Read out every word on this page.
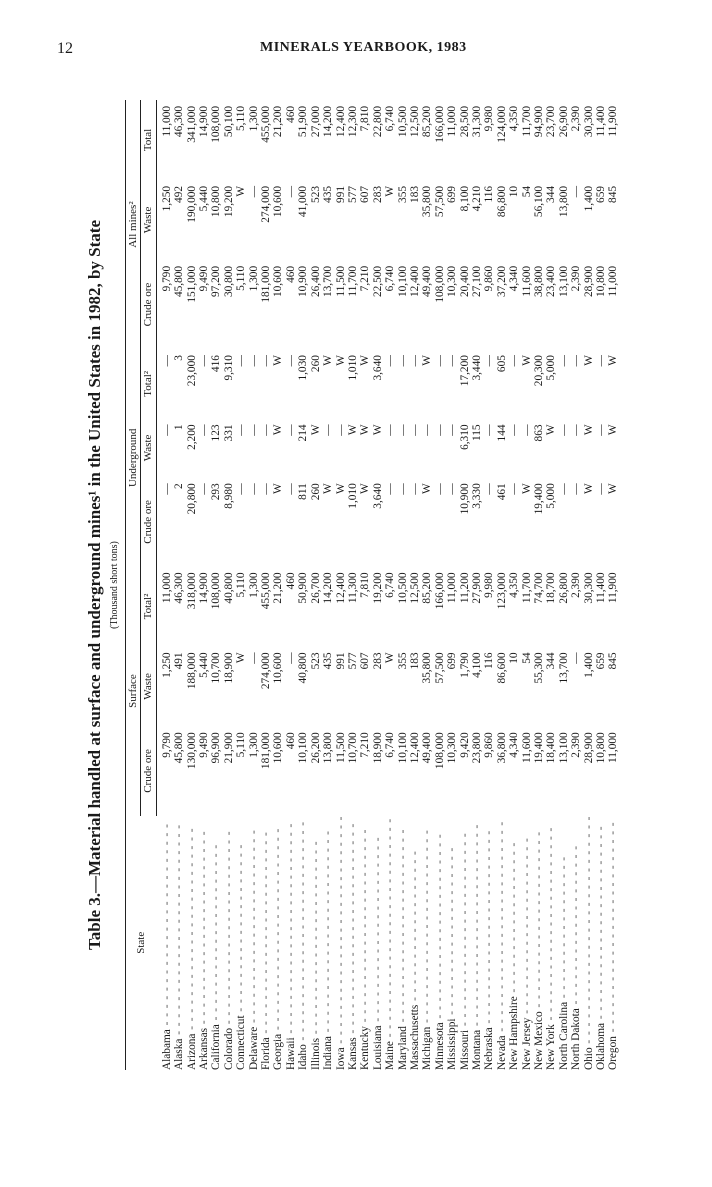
12	MINERALS YEARBOOK, 1983
Table 3.—Material handled at surface and underground mines¹ in the United States in 1982, by State (Thousand short tons)
State	Surface			Underground			All mines²		
	Crude ore	Waste	Total²	Crude ore	Waste	Total²	Crude ore	Waste	Total
Alabama - - - - - - - - - - - - - - - - - - - - - - - -	9,790	1,250	11,000	—	—	—	9,790	1,250	11,000
Alaska - - - - - - - - - - - - - - - - - - - - - - - - -	45,800	491	46,300	2	1	3	45,800	492	46,300
Arizona - - - - - - - - - - - - - - - - - - - - - - - -	130,000	188,000	318,000	20,800	2,200	23,000	151,000	190,000	341,000
Arkansas - - - - - - - - - - - - - - - - - - - - - - -	9,490	5,440	14,900	—	—	—	9,490	5,440	14,900
California - - - - - - - - - - - - - - - - - - - - -	96,900	10,700	108,000	293	123	416	97,200	10,800	108,000
Colorado - - - - - - - - - - - - - - - - - - - - - - -	21,900	18,900	40,800	8,980	331	9,310	30,800	19,200	50,100
Connecticut - - - - - - - - - - - - - - - - - - - -	5,110	W	5,110	—	—	—	5,110	W	5,110
Delaware - - - - - - - - - - - - - - - - - - - - - - -	1,300	—	1,300	—	—	—	1,300	—	1,300
Florida - - - - - - - - - - - - - - - - - - - - - - - -	181,000	274,000	455,000	—	—	—	181,000	274,000	455,000
Georgia - - - - - - - - - - - - - - - - - - - - - - - -	10,600	10,600	21,200	W	W	W	10,600	10,600	21,200
Hawaii - - - - - - - - - - - - - - - - - - - - - - - - -	460	—	460	—	—	—	460	—	460
Idaho - - - - - - - - - - - - - - - - - - - - - - - - - -	10,100	40,800	50,900	811	214	1,030	10,900	41,000	51,900
Illinois - - - - - - - - - - - - - - - - - - - - - - -	26,200	523	26,700	260	W	260	26,400	523	27,000
Indiana - - - - - - - - - - - - - - - - - - - - - - - -	13,800	435	14,200	W	—	W	13,700	435	14,200
Iowa - - - - - - - - - - - - - - - - - - - - - - - - - - -	11,500	991	12,400	W	—	W	11,500	991	12,400
Kansas - - - - - - - - - - - - - - - - - - - - - - - - -	10,700	577	11,300	1,010	W	1,010	11,700	577	12,300
Kentucky - - - - - - - - - - - - - - - - - - - - - - -	7,210	607	7,810	W	W	W	7,210	607	7,810
Louisiana - - - - - - - - - - - - - - - - - - - - - -	18,900	283	19,200	3,640	W	3,640	22,500	283	22,800
Maine - - - - - - - - - - - - - - - - - - - - - - - - - -	6,740	W	6,740	—	—	—	6,740	W	6,740
Maryland - - - - - - - - - - - - - - - - - - - - - - -	10,100	355	10,500	—	—	—	10,100	355	10,500
Massachusetts - - - - - - - - - - - - - - - - - -	12,400	183	12,500	—	—	—	12,400	183	12,500
Michigan - - - - - - - - - - - - - - - - - - - - - - -	49,400	35,800	85,200	W	—	W	49,400	35,800	85,200
Minnesota - - - - - - - - - - - - - - - - - - - - - -	108,000	57,500	166,000	—	—	—	108,000	57,500	166,000
Mississippi - - - - - - - - - - - - - - - - - - - -	10,300	699	11,000	—	—	—	10,300	699	11,000
Missouri - - - - - - - - - - - - - - - - - - - - - - -	9,420	1,790	11,200	10,900	6,310	17,200	20,400	8,100	28,500
Montana - - - - - - - - - - - - - - - - - - - - - - - -	23,800	4,100	27,900	3,330	115	3,440	27,100	4,210	31,300
Nebraska - - - - - - - - - - - - - - - - - - - - - - -	9,860	116	9,980	—	—	—	9,860	116	9,980
Nevada - - - - - - - - - - - - - - - - - - - - - - - - -	36,800	86,600	123,000	461	144	605	37,200	86,800	124,000
New Hampshire - - - - - - - - - - - - - - - - - -	4,340	10	4,350	—	—	—	4,340	10	4,350
New Jersey - - - - - - - - - - - - - - - - - - - - -	11,600	54	11,700	W	—	W	11,600	54	11,700
New Mexico - - - - - - - - - - - - - - - - - - - - -	19,400	55,300	74,700	19,400	863	20,300	38,800	56,100	94,900
New York - - - - - - - - - - - - - - - - - - - - - - -	18,400	344	18,700	5,000	W	5,000	23,400	344	23,700
North Carolina - - - - - - - - - - - - - - - - -	13,100	13,700	26,800	—	—	—	13,100	13,800	26,900
North Dakota - - - - - - - - - - - - - - - - - - -	2,390	—	2,390	—	—	—	2,390	—	2,390
Ohio - - - - - - - - - - - - - - - - - - - - - - - - - - -	28,900	1,400	30,300	W	W	W	28,900	1,400	30,300
Oklahoma - - - - - - - - - - - - - - - - - - - - - - -	10,800	659	11,400	—	—	—	10,800	659	11,400
Oregon - - - - - - - - - - - - - - - - - - - - - - - - -	11,000	845	11,900	W	W	W	11,000	845	11,900
